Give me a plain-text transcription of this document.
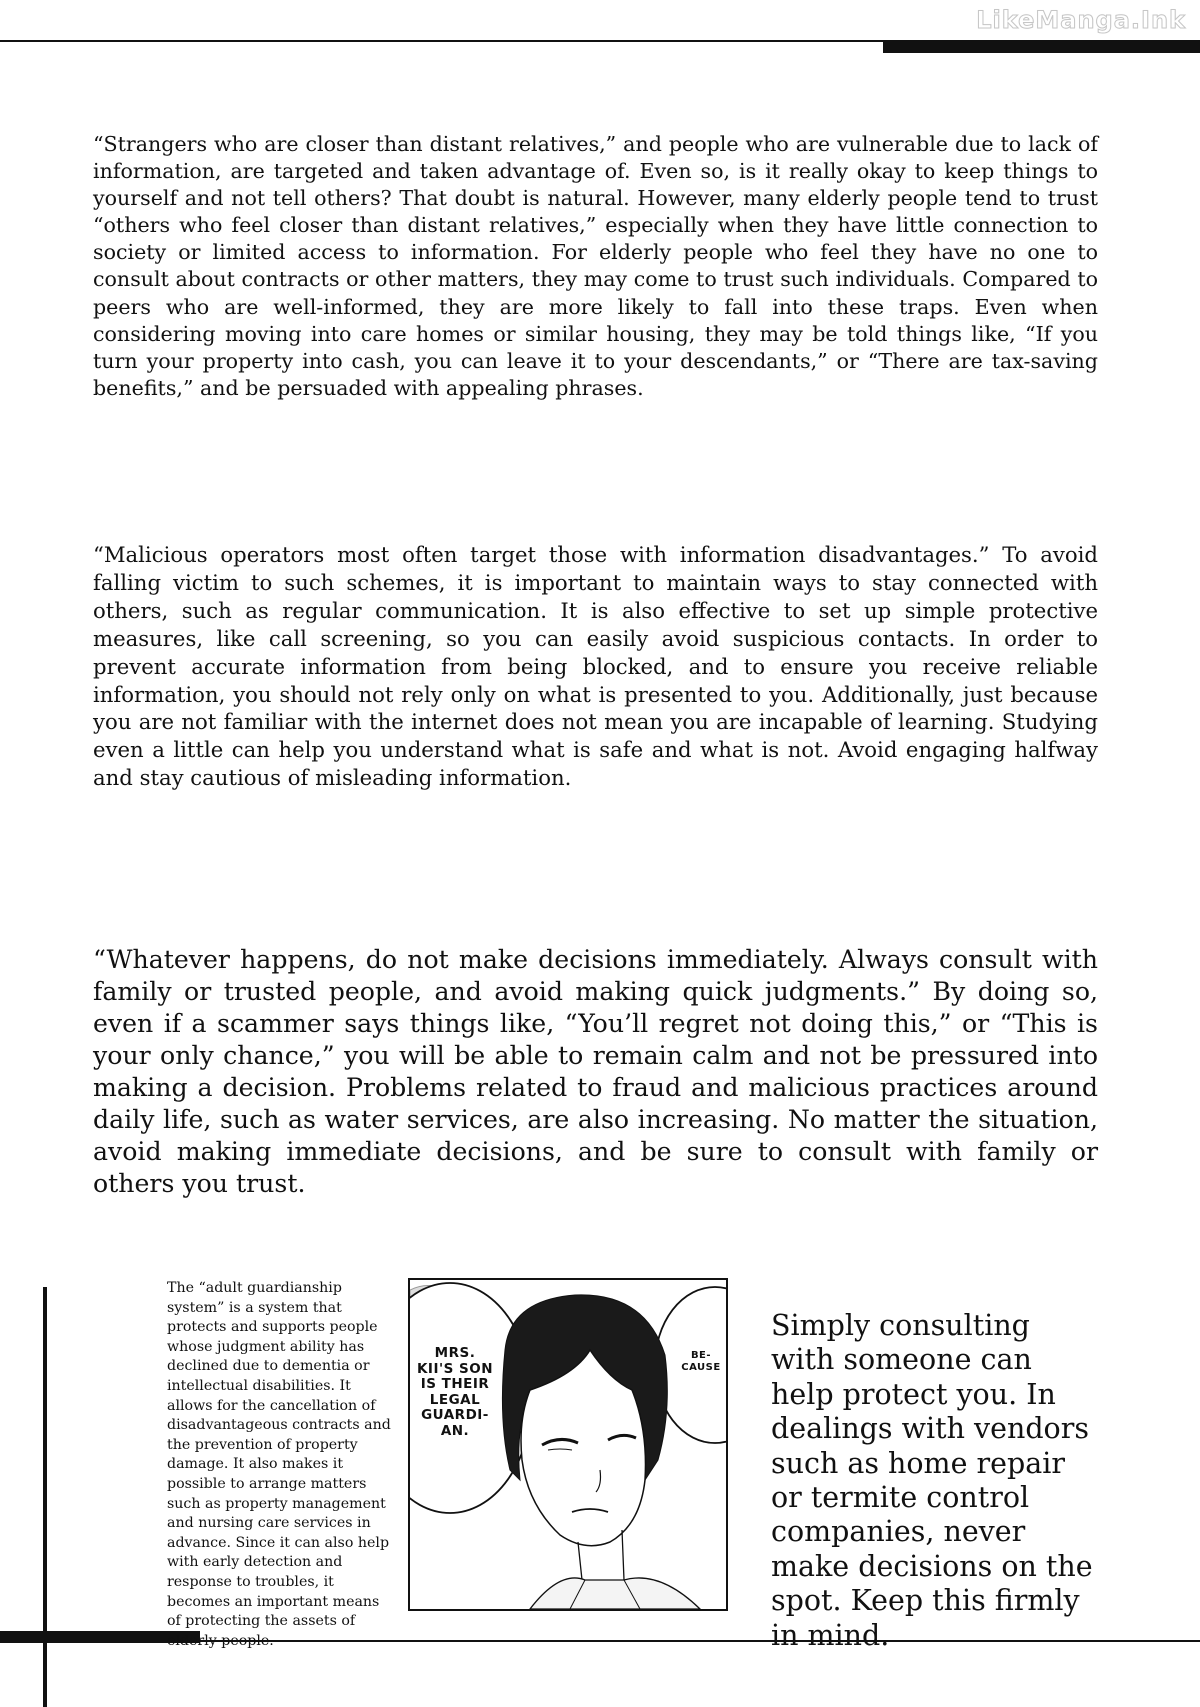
LikeManga.Ink
“Strangers who are closer than distant relatives,” and people who are vulnerable due to lack of information, are targeted and taken advantage of. Even so, is it really okay to keep things to yourself and not tell others? That doubt is natural. However, many elderly people tend to trust “others who feel closer than distant relatives,” especially when they have little connection to society or limited access to information. For elderly people who feel they have no one to consult about contracts or other matters, they may come to trust such individuals. Compared to peers who are well-informed, they are more likely to fall into these traps. Even when considering moving into care homes or similar housing, they may be told things like, “If you turn your property into cash, you can leave it to your descendants,” or “There are tax-saving benefits,” and be persuaded with appealing phrases.
“Malicious operators most often target those with information disadvantages.” To avoid falling victim to such schemes, it is important to maintain ways to stay connected with others, such as regular communication. It is also effective to set up simple protective measures, like call screening, so you can easily avoid suspicious contacts. In order to prevent accurate information from being blocked, and to ensure you receive reliable information, you should not rely only on what is presented to you. Additionally, just because you are not familiar with the internet does not mean you are incapable of learning. Studying even a little can help you understand what is safe and what is not. Avoid engaging halfway and stay cautious of misleading information.
“Whatever happens, do not make decisions immediately. Always consult with family or trusted people, and avoid making quick judgments.” By doing so, even if a scammer says things like, “You’ll regret not doing this,” or “This is your only chance,” you will be able to remain calm and not be pressured into making a decision. Problems related to fraud and malicious practices around daily life, such as water services, are also increasing. No matter the situation, avoid making immediate decisions, and be sure to consult with family or others you trust.
The “adult guardianship system” is a system that protects and supports people whose judgment ability has declined due to dementia or intellectual disabilities. It allows for the cancellation of disadvantageous contracts and the prevention of property damage. It also makes it possible to arrange matters such as property management and nursing care services in advance. Since it can also help with early detection and response to troubles, it becomes an important means of protecting the assets of elderly people.
MRS.
KII'S SON
IS THEIR
LEGAL
GUARDI-
AN.
BE-
CAUSE
Simply consulting with someone can help protect you. In dealings with vendors such as home repair or termite control companies, never make decisions on the spot. Keep this firmly in mind.
